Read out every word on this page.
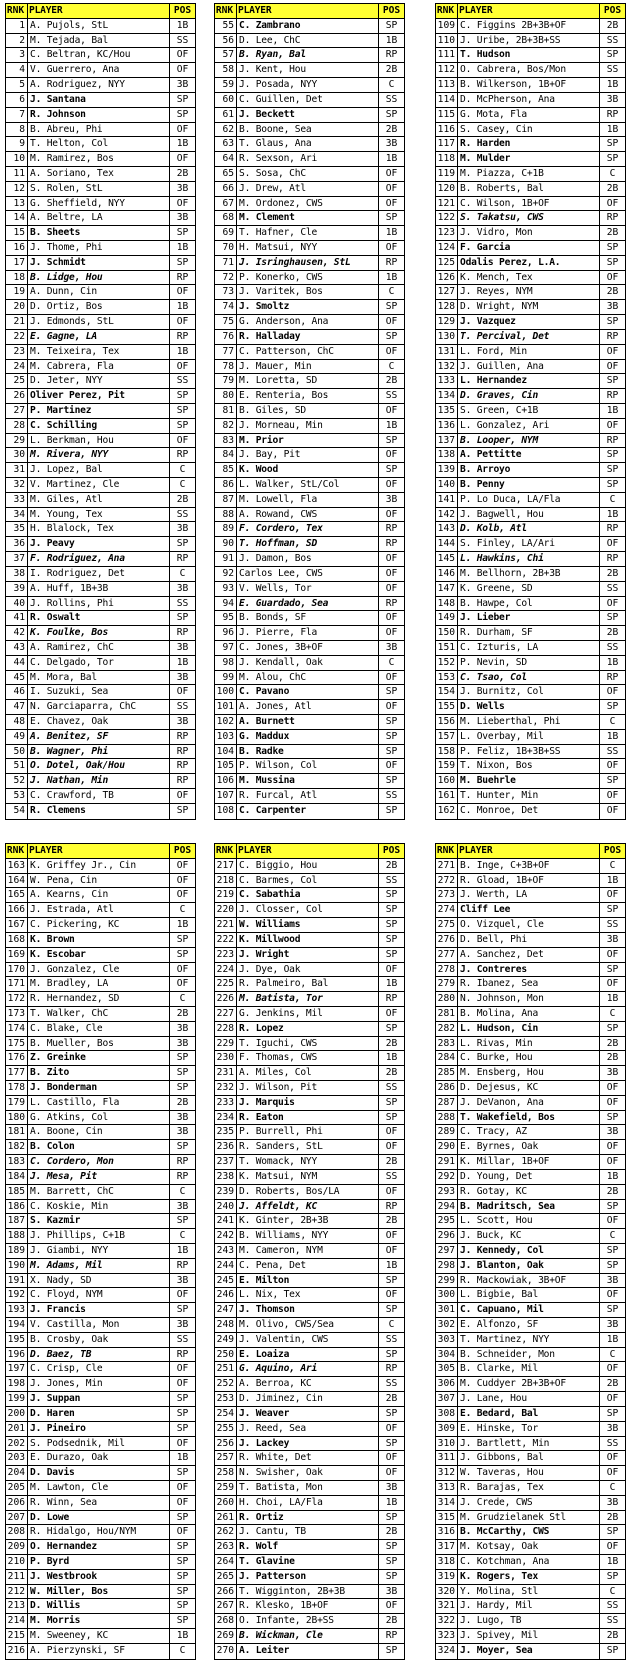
RNK PLAYER	POS
1 A. Pujols, StL	1B
2 M. Tejada, Bal	SS
3 C. Beltran, KC/Hou	OF
4 V. Guerrero, Ana	OF
5 A. Rodriguez, NYY	3B
6 J. Santana	SP
7 R. Johnson	SP
8 B. Abreu, Phi	OF
9 T. Helton, Col	1B
10 M. Ramirez, Bos	OF
11 A. Soriano, Tex	2B
12 S. Rolen, StL	3B
13 G. Sheffield, NYY	OF
14 A. Beltre, LA	3B
15 B. Sheets	SP
16 J. Thome, Phi	1B
17 J. Schmidt	SP
18 B. Lidge, Hou	RP
19 A. Dunn, Cin	OF
20 D. Ortiz, Bos	1B
21 J. Edmonds, StL	OF
22 E. Gagne, LA	RP
23 M. Teixeira, Tex	1B
24 M. Cabrera, Fla	OF
25 D. Jeter, NYY	SS
26 Oliver Perez, Pit	SP
27 P. Martinez	SP
28 C. Schilling	SP
29 L. Berkman, Hou	OF
30 M. Rivera, NYY	RP
31 J. Lopez, Bal	C
32 V. Martinez, Cle	C
33 M. Giles, Atl	2B
34 M. Young, Tex	SS
35 H. Blalock, Tex	3B
36 J. Peavy	SP
37 F. Rodriguez, Ana	RP
38 I. Rodriguez, Det	C
39 A. Huff, 1B+3B	3B
40 J. Rollins, Phi	SS
41 R. Oswalt	SP
42 K. Foulke, Bos	RP
43 A. Ramirez, ChC	3B
44 C. Delgado, Tor	1B
45 M. Mora, Bal	3B
46 I. Suzuki, Sea	OF
47 N. Garciaparra, ChC	SS
48 E. Chavez, Oak	3B
49 A. Benitez, SF	RP
50 B. Wagner, Phi	RP
51 O. Dotel, Oak/Hou	RP
52 J. Nathan, Min	RP
53 C. Crawford, TB	OF
54 R. Clemens	SP
RNK PLAYER	POS
55 C. Zambrano	SP
56 D. Lee, ChC	1B
57 B. Ryan, Bal	RP
58 J. Kent, Hou	2B
59 J. Posada, NYY	C
60 C. Guillen, Det	SS
61 J. Beckett	SP
62 B. Boone, Sea	2B
63 T. Glaus, Ana	3B
64 R. Sexson, Ari	1B
65 S. Sosa, ChC	OF
66 J. Drew, Atl	OF
67 M. Ordonez, CWS	OF
68 M. Clement	SP
69 T. Hafner, Cle	1B
70 H. Matsui, NYY	OF
71 J. Isringhausen, StL	RP
72 P. Konerko, CWS	1B
73 J. Varitek, Bos	C
74 J. Smoltz	SP
75 G. Anderson, Ana	OF
76 R. Halladay	SP
77 C. Patterson, ChC	OF
78 J. Mauer, Min	C
79 M. Loretta, SD	2B
80 E. Renteria, Bos	SS
81 B. Giles, SD	OF
82 J. Morneau, Min	1B
83 M. Prior	SP
84 J. Bay, Pit	OF
85 K. Wood	SP
86 L. Walker, StL/Col	OF
87 M. Lowell, Fla	3B
88 A. Rowand, CWS	OF
89 F. Cordero, Tex	RP
90 T. Hoffman, SD	RP
91 J. Damon, Bos	OF
92 Carlos Lee, CWS	OF
93 V. Wells, Tor	OF
94 E. Guardado, Sea	RP
95 B. Bonds, SF	OF
96 J. Pierre, Fla	OF
97 C. Jones, 3B+OF	3B
98 J. Kendall, Oak	C
99 M. Alou, ChC	OF
100 C. Pavano	SP
101 A. Jones, Atl	OF
102 A. Burnett	SP
103 G. Maddux	SP
104 B. Radke	SP
105 P. Wilson, Col	OF
106 M. Mussina	SP
107 R. Furcal, Atl	SS
108 C. Carpenter	SP
RNK PLAYER	POS
109 C. Figgins 2B+3B+OF	2B
110 J. Uribe, 2B+3B+SS	SS
111 T. Hudson	SP
112 O. Cabrera, Bos/Mon	SS
113 B. Wilkerson, 1B+OF	1B
114 D. McPherson, Ana	3B
115 G. Mota, Fla	RP
116 S. Casey, Cin	1B
117 R. Harden	SP
118 M. Mulder	SP
119 M. Piazza, C+1B	C
120 B. Roberts, Bal	2B
121 C. Wilson, 1B+OF	OF
122 S. Takatsu, CWS	RP
123 J. Vidro, Mon	2B
124 F. Garcia	SP
125 Odalis Perez, L.A.	SP
126 K. Mench, Tex	OF
127 J. Reyes, NYM	2B
128 D. Wright, NYM	3B
129 J. Vazquez	SP
130 T. Percival, Det	RP
131 L. Ford, Min	OF
132 J. Guillen, Ana	OF
133 L. Hernandez	SP
134 D. Graves, Cin	RP
135 S. Green, C+1B	1B
136 L. Gonzalez, Ari	OF
137 B. Looper, NYM	RP
138 A. Pettitte	SP
139 B. Arroyo	SP
140 B. Penny	SP
141 P. Lo Duca, LA/Fla	C
142 J. Bagwell, Hou	1B
143 D. Kolb, Atl	RP
144 S. Finley, LA/Ari	OF
145 L. Hawkins, Chi	RP
146 M. Bellhorn, 2B+3B	2B
147 K. Greene, SD	SS
148 B. Hawpe, Col	OF
149 J. Lieber	SP
150 R. Durham, SF	2B
151 C. Izturis, LA	SS
152 P. Nevin, SD	1B
153 C. Tsao, Col	RP
154 J. Burnitz, Col	OF
155 D. Wells	SP
156 M. Lieberthal, Phi	C
157 L. Overbay, Mil	1B
158 P. Feliz, 1B+3B+SS	SS
159 T. Nixon, Bos	OF
160 M. Buehrle	SP
161 T. Hunter, Min	OF
162 C. Monroe, Det	OF
RNK PLAYER	POS
163 K. Griffey Jr., Cin	OF
164 W. Pena, Cin	OF
165 A. Kearns, Cin	OF
166 J. Estrada, Atl	C
167 C. Pickering, KC	1B
168 K. Brown	SP
169 K. Escobar	SP
170 J. Gonzalez, Cle	OF
171 M. Bradley, LA	OF
172 R. Hernandez, SD	C
173 T. Walker, ChC	2B
174 C. Blake, Cle	3B
175 B. Mueller, Bos	3B
176 Z. Greinke	SP
177 B. Zito	SP
178 J. Bonderman	SP
179 L. Castillo, Fla	2B
180 G. Atkins, Col	3B
181 A. Boone, Cin	3B
182 B. Colon	SP
183 C. Cordero, Mon	RP
184 J. Mesa, Pit	RP
185 M. Barrett, ChC	C
186 C. Koskie, Min	3B
187 S. Kazmir	SP
188 J. Phillips, C+1B	C
189 J. Giambi, NYY	1B
190 M. Adams, Mil	RP
191 X. Nady, SD	3B
192 C. Floyd, NYM	OF
193 J. Francis	SP
194 V. Castilla, Mon	3B
195 B. Crosby, Oak	SS
196 D. Baez, TB	RP
197 C. Crisp, Cle	OF
198 J. Jones, Min	OF
199 J. Suppan	SP
200 D. Haren	SP
201 J. Pineiro	SP
202 S. Podsednik, Mil	OF
203 E. Durazo, Oak	1B
204 D. Davis	SP
205 M. Lawton, Cle	OF
206 R. Winn, Sea	OF
207 D. Lowe	SP
208 R. Hidalgo, Hou/NYM	OF
209 O. Hernandez	SP
210 P. Byrd	SP
211 J. Westbrook	SP
212 W. Miller, Bos	SP
213 D. Willis	SP
214 M. Morris	SP
215 M. Sweeney, KC	1B
216 A. Pierzynski, SF	C
RNK PLAYER	POS
217 C. Biggio, Hou	2B
218 C. Barmes, Col	SS
219 C. Sabathia	SP
220 J. Closser, Col	SP
221 W. Williams	SP
222 K. Millwood	SP
223 J. Wright	SP
224 J. Dye, Oak	OF
225 R. Palmeiro, Bal	1B
226 M. Batista, Tor	RP
227 G. Jenkins, Mil	OF
228 R. Lopez	SP
229 T. Iguchi, CWS	2B
230 F. Thomas, CWS	1B
231 A. Miles, Col	2B
232 J. Wilson, Pit	SS
233 J. Marquis	SP
234 R. Eaton	SP
235 P. Burrell, Phi	OF
236 R. Sanders, StL	OF
237 T. Womack, NYY	2B
238 K. Matsui, NYM	SS
239 D. Roberts, Bos/LA	OF
240 J. Affeldt, KC	RP
241 K. Ginter, 2B+3B	2B
242 B. Williams, NYY	OF
243 M. Cameron, NYM	OF
244 C. Pena, Det	1B
245 E. Milton	SP
246 L. Nix, Tex	OF
247 J. Thomson	SP
248 M. Olivo, CWS/Sea	C
249 J. Valentin, CWS	SS
250 E. Loaiza	SP
251 G. Aquino, Ari	RP
252 A. Berroa, KC	SS
253 D. Jiminez, Cin	2B
254 J. Weaver	SP
255 J. Reed, Sea	OF
256 J. Lackey	SP
257 R. White, Det	OF
258 N. Swisher, Oak	OF
259 T. Batista, Mon	3B
260 H. Choi, LA/Fla	1B
261 R. Ortiz	SP
262 J. Cantu, TB	2B
263 R. Wolf	SP
264 T. Glavine	SP
265 J. Patterson	SP
266 T. Wigginton, 2B+3B	3B
267 R. Klesko, 1B+OF	OF
268 O. Infante, 2B+SS	2B
269 B. Wickman, Cle	RP
270 A. Leiter	SP
RNK PLAYER	POS
271 B. Inge, C+3B+OF	C
272 R. Gload, 1B+OF	1B
273 J. Werth, LA	OF
274 Cliff Lee	SP
275 O. Vizquel, Cle	SS
276 D. Bell, Phi	3B
277 A. Sanchez, Det	OF
278 J. Contreres	SP
279 R. Ibanez, Sea	OF
280 N. Johnson, Mon	1B
281 B. Molina, Ana	C
282 L. Hudson, Cin	SP
283 L. Rivas, Min	2B
284 C. Burke, Hou	2B
285 M. Ensberg, Hou	3B
286 D. Dejesus, KC	OF
287 J. DeVanon, Ana	OF
288 T. Wakefield, Bos	SP
289 C. Tracy, AZ	3B
290 E. Byrnes, Oak	OF
291 K. Millar, 1B+OF	OF
292 D. Young, Det	1B
293 R. Gotay, KC	2B
294 B. Madritsch, Sea	SP
295 L. Scott, Hou	OF
296 J. Buck, KC	C
297 J. Kennedy, Col	SP
298 J. Blanton, Oak	SP
299 R. Mackowiak, 3B+OF	3B
300 L. Bigbie, Bal	OF
301 C. Capuano, Mil	SP
302 E. Alfonzo, SF	3B
303 T. Martinez, NYY	1B
304 B. Schneider, Mon	C
305 B. Clarke, Mil	OF
306 M. Cuddyer 2B+3B+OF	2B
307 J. Lane, Hou	OF
308 E. Bedard, Bal	SP
309 E. Hinske, Tor	3B
310 J. Bartlett, Min	SS
311 J. Gibbons, Bal	OF
312 W. Taveras, Hou	OF
313 R. Barajas, Tex	C
314 J. Crede, CWS	3B
315 M. Grudzielanek Stl	2B
316 B. McCarthy, CWS	SP
317 M. Kotsay, Oak	OF
318 C. Kotchman, Ana	1B
319 K. Rogers, Tex	SP
320 Y. Molina, Stl	C
321 J. Hardy, Mil	SS
322 J. Lugo, TB	SS
323 J. Spivey, Mil	2B
324 J. Moyer, Sea	SP
